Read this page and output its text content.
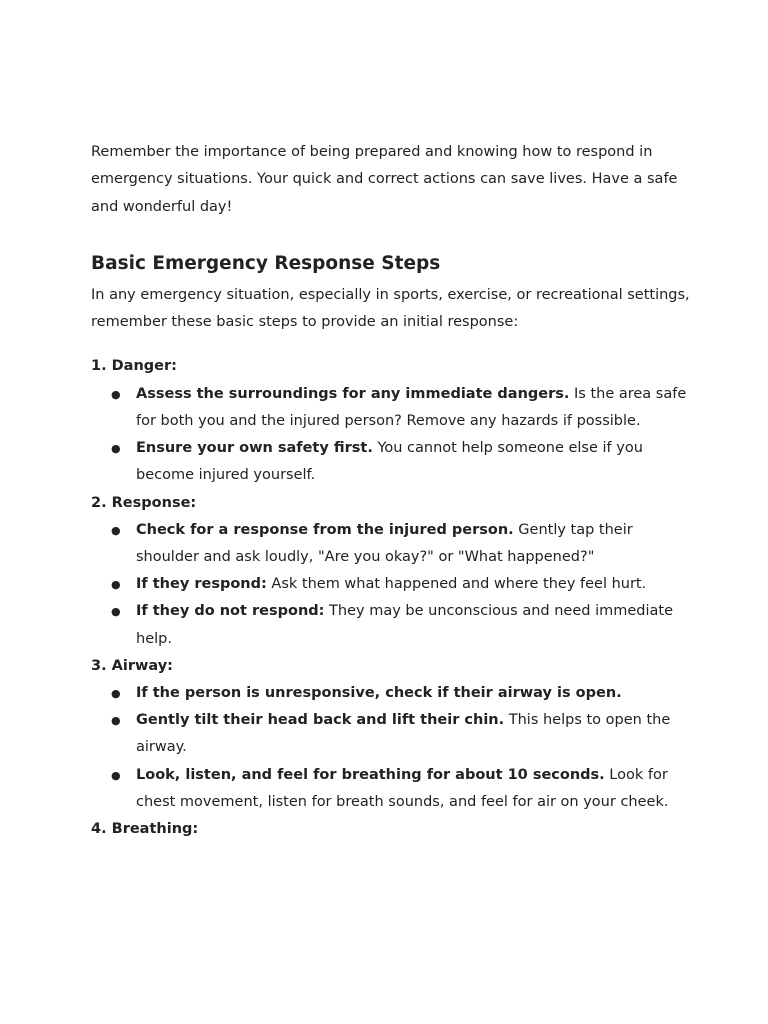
Remember the importance of being prepared and knowing how to respond in emergency situations. Your quick and correct actions can save lives. Have a safe and wonderful day!

Basic Emergency Response Steps

In any emergency situation, especially in sports, exercise, or recreational settings, remember these basic steps to provide an initial response:

1. Danger:
● Assess the surroundings for any immediate dangers. Is the area safe for both you and the injured person? Remove any hazards if possible.
● Ensure your own safety first. You cannot help someone else if you become injured yourself.
2. Response:
● Check for a response from the injured person. Gently tap their shoulder and ask loudly, "Are you okay?" or "What happened?"
● If they respond: Ask them what happened and where they feel hurt.
● If they do not respond: They may be unconscious and need immediate help.
3. Airway:
● If the person is unresponsive, check if their airway is open.
● Gently tilt their head back and lift their chin. This helps to open the airway.
● Look, listen, and feel for breathing for about 10 seconds. Look for chest movement, listen for breath sounds, and feel for air on your cheek.
4. Breathing:
